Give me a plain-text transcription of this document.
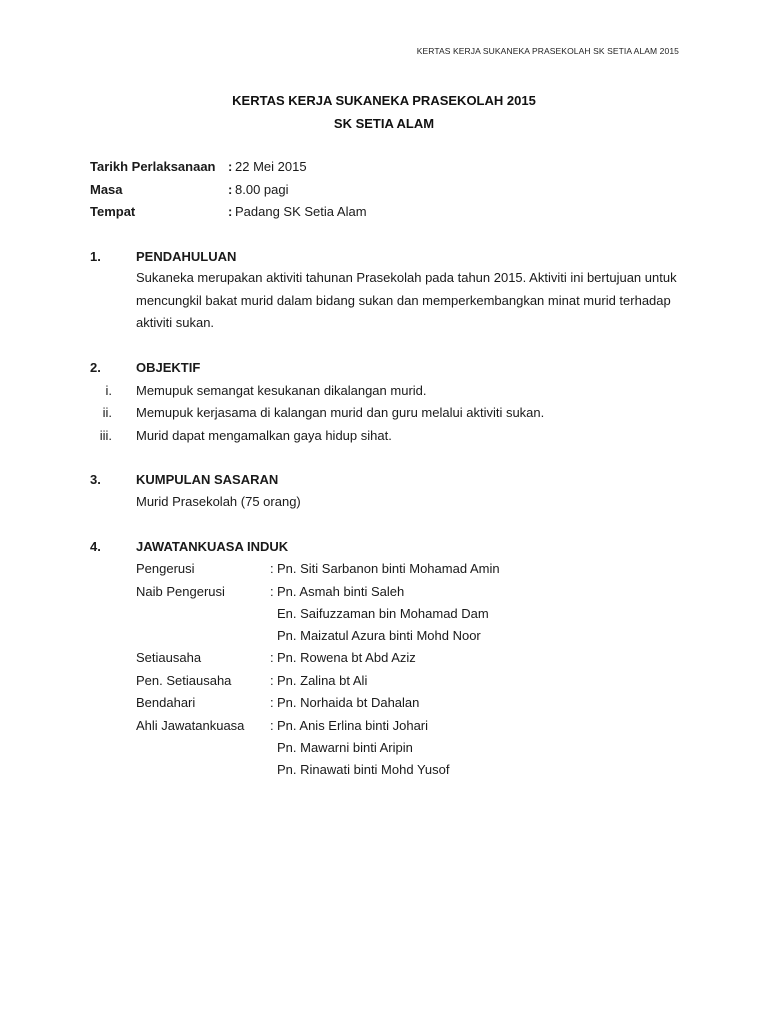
KERTAS KERJA SUKANEKA PRASEKOLAH SK SETIA ALAM 2015
KERTAS KERJA SUKANEKA PRASEKOLAH 2015
SK SETIA ALAM
Tarikh Perlaksanaan : 22 Mei 2015
Masa	: 8.00 pagi
Tempat	: Padang SK Setia Alam
1.	PENDAHULUAN
Sukaneka merupakan aktiviti tahunan Prasekolah pada tahun 2015. Aktiviti ini bertujuan untuk
mencungkil bakat murid dalam bidang sukan dan memperkembangkan minat murid terhadap
aktiviti sukan.
2.	OBJEKTIF
i. Memupuk semangat kesukanan dikalangan murid.
ii. Memupuk kerjasama di kalangan murid dan guru melalui aktiviti sukan.
iii. Murid dapat mengamalkan gaya hidup sihat.
3.	KUMPULAN SASARAN
Murid Prasekolah (75 orang)
4.	JAWATANKUASA INDUK
Pengerusi	: Pn. Siti Sarbanon binti Mohamad Amin
Naib Pengerusi	: Pn. Asmah binti Saleh
En. Saifuzzaman bin Mohamad Dam
Pn. Maizatul Azura binti Mohd Noor
Setiausaha	: Pn. Rowena bt Abd Aziz
Pen. Setiausaha	: Pn. Zalina bt Ali
Bendahari	: Pn. Norhaida bt Dahalan
Ahli Jawatankuasa : Pn. Anis Erlina binti Johari
Pn. Mawarni binti Aripin
Pn. Rinawati binti Mohd Yusof
